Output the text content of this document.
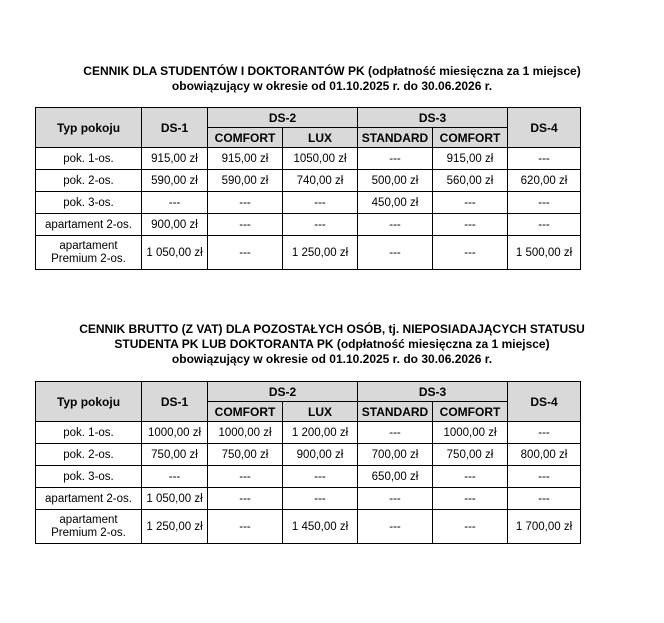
CENNIK DLA STUDENTÓW I DOKTORANTÓW PK (odpłatność miesięczna za 1 miejsce)
obowiązujący w okresie od 01.10.2025 r. do 30.06.2026 r.
Typ pokoju	DS-1	DS-2		DS-3		DS-4
		COMFORT	LUX	STANDARD	COMFORT	
pok. 1-os.	915,00 zł	915,00 zł	1050,00 zł	---	915,00 zł	---
pok. 2-os.	590,00 zł	590,00 zł	740,00 zł	500,00 zł	560,00 zł	620,00 zł
pok. 3-os.	---	---	---	450,00 zł	---	---
apartament 2-os.	900,00 zł	---	---	---	---	---
apartament
Premium 2-os.	1 050,00 zł	---	1 250,00 zł	---	---	1 500,00 zł
CENNIK BRUTTO (Z VAT) DLA POZOSTAŁYCH OSÓB, tj. NIEPOSIADAJĄCYCH STATUSU
STUDENTA PK LUB DOKTORANTA PK (odpłatność miesięczna za 1 miejsce)
obowiązujący w okresie od 01.10.2025 r. do 30.06.2026 r.
Typ pokoju	DS-1	DS-2		DS-3		DS-4
		COMFORT	LUX	STANDARD	COMFORT	
pok. 1-os.	1000,00 zł	1000,00 zł	1 200,00 zł	---	1000,00 zł	---
pok. 2-os.	750,00 zł	750,00 zł	900,00 zł	700,00 zł	750,00 zł	800,00 zł
pok. 3-os.	---	---	---	650,00 zł	---	---
apartament 2-os.	1 050,00 zł	---	---	---	---	---
apartament
Premium 2-os.	1 250,00 zł	---	1 450,00 zł	---	---	1 700,00 zł
